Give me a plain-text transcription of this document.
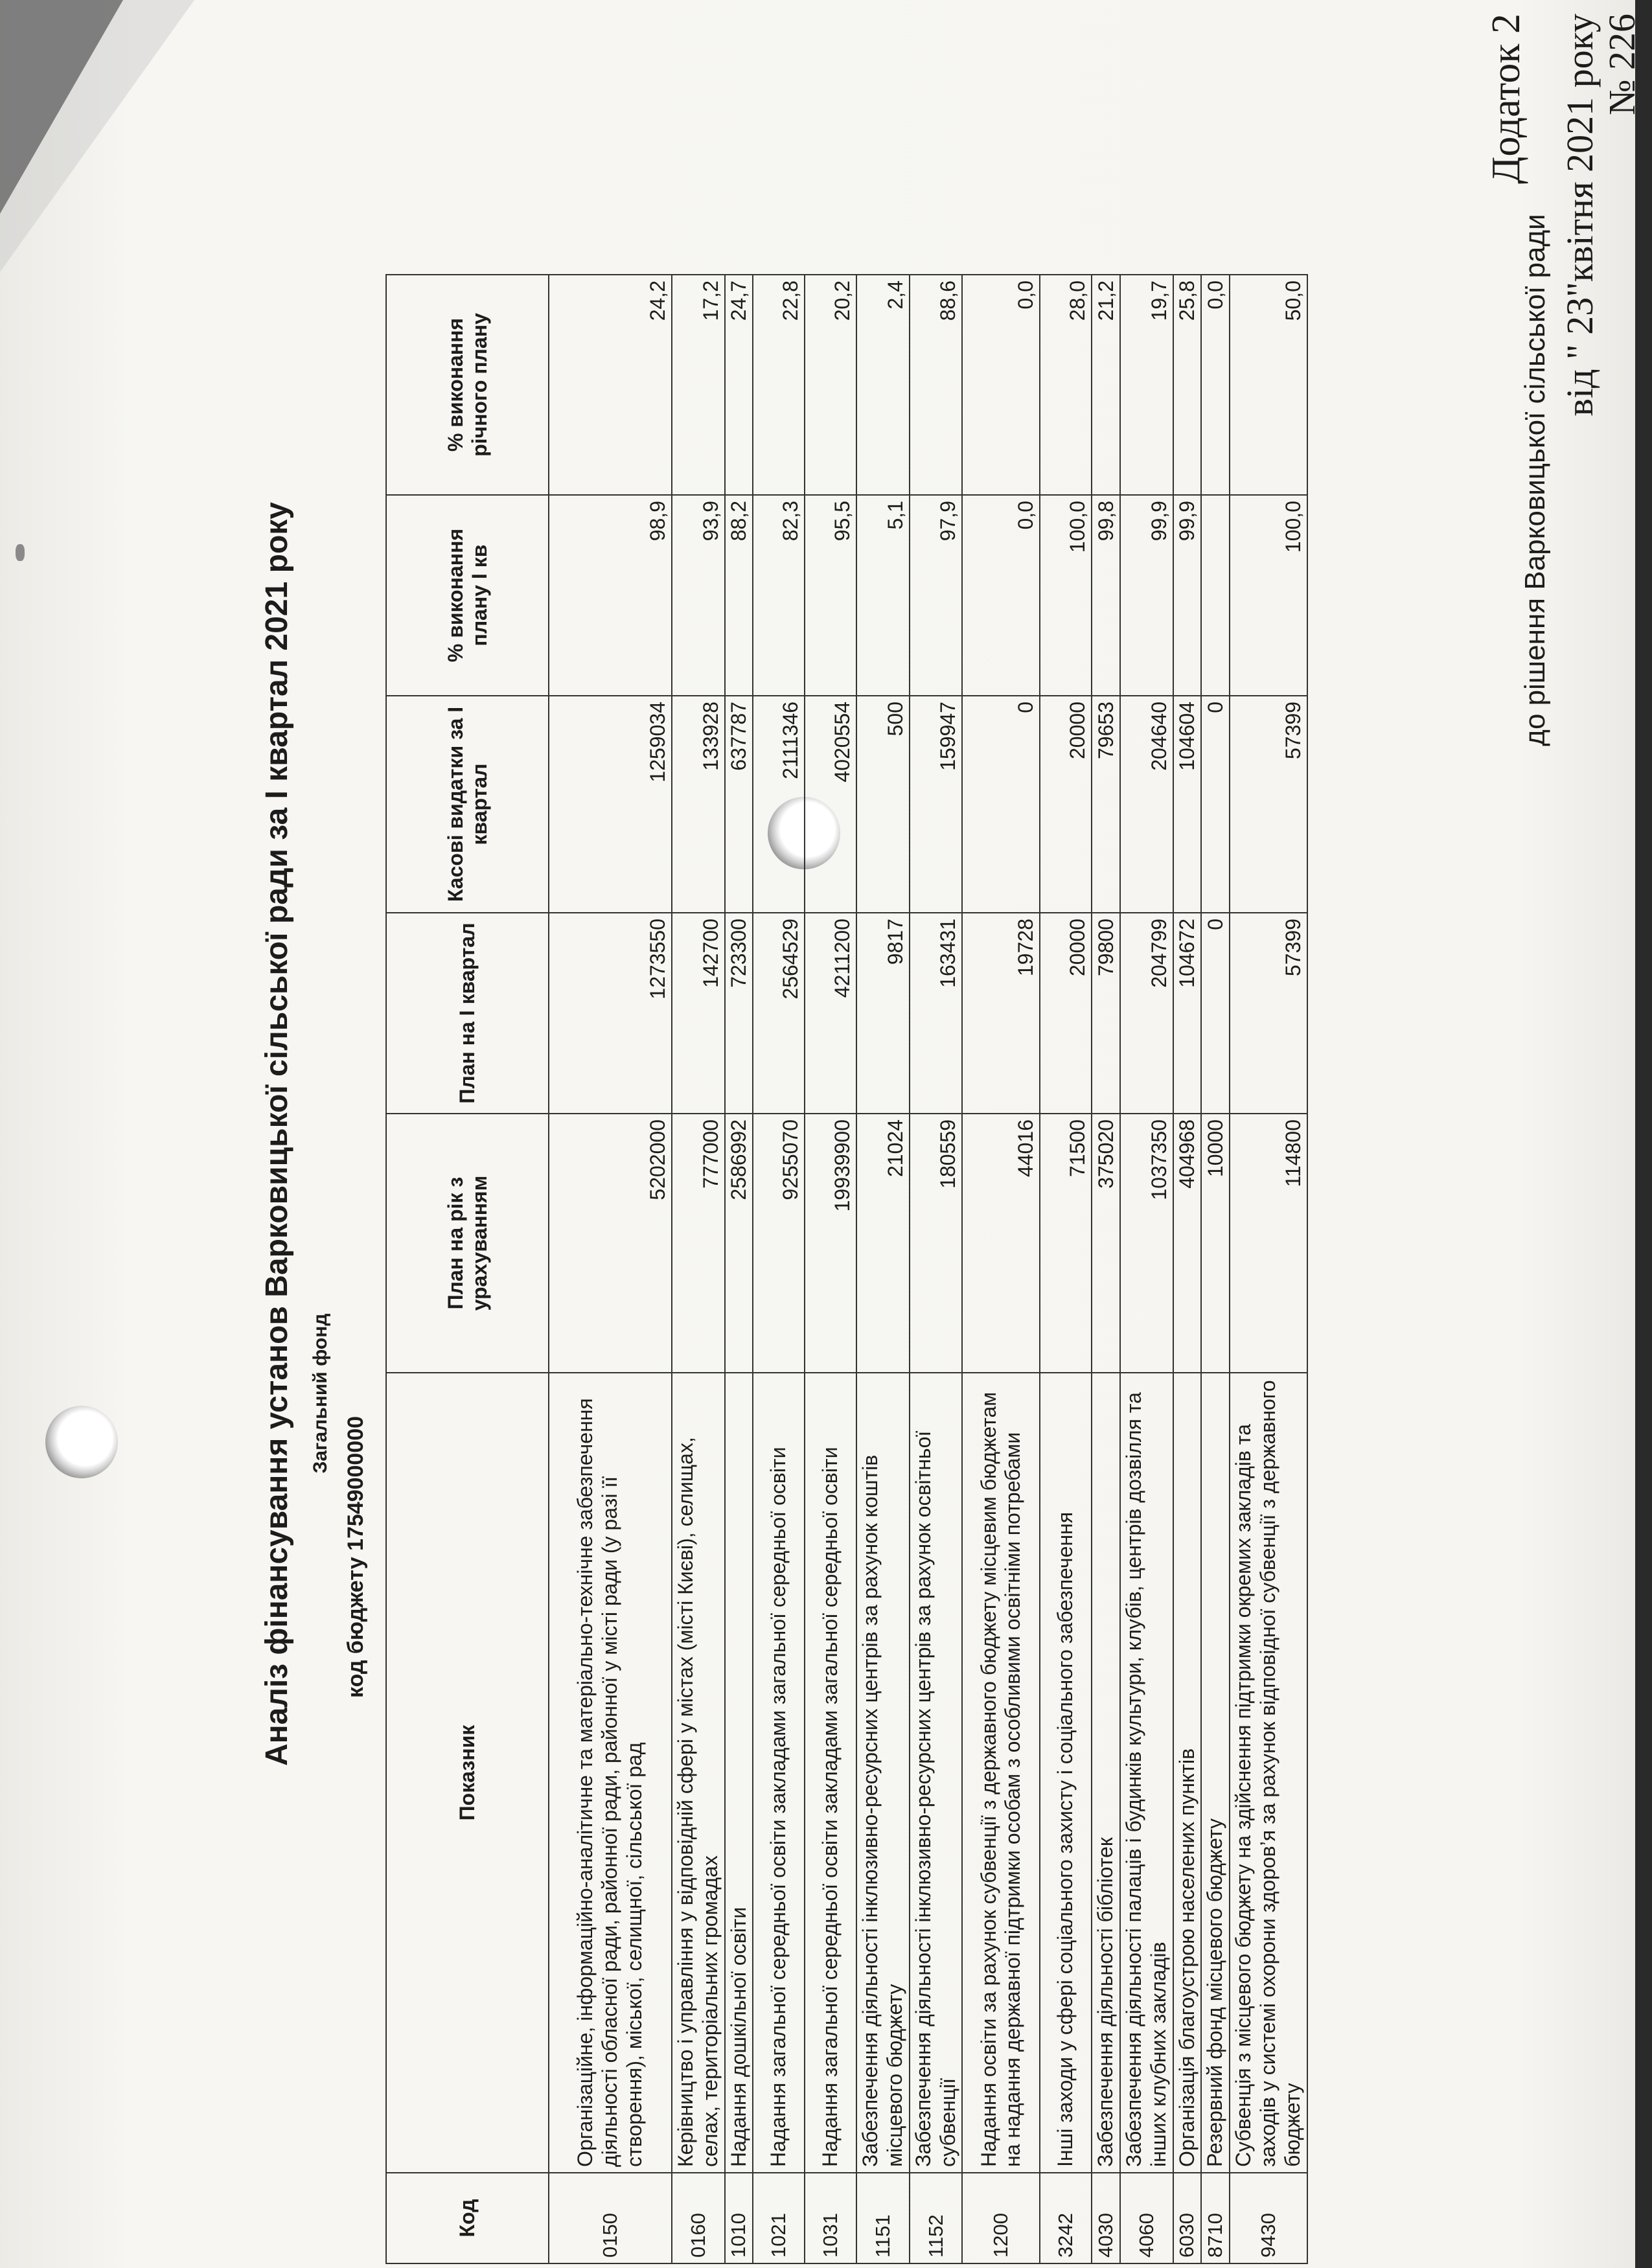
Додаток 2
до рішення Варковицької сільської ради від " 23"квітня 2021 року № 226
Аналіз фінансування установ Варковицької сільської ради за І квартал 2021 року Загальний фонд
код бюджету 17549000000
Код	Показник	План на рік з урахуванням	План на І квартал	Касові видатки за І квартал	% виконання плану І кв	% виконання річного плану
0150	Організаційне, інформаційно-аналітичне та матеріально-технічне забезпечення діяльності обласної ради, районної ради, районної у місті ради (у разі її створення), міської, селищної, сільської рад	5202000	1273550	1259034	98,9	24,2
0160	Керівництво і управління у відповідній сфері у містах (місті Києві), селищах, селах, територіальних громадах	777000	142700	133928	93,9	17,2
1010	Надання дошкільної освіти	2586992	723300	637787	88,2	24,7
1021	Надання загальної середньої освіти закладами загальної середньої освіти	9255070	2564529	2111346	82,3	22,8
1031	Надання загальної середньої освіти закладами загальної середньої освіти	19939900	4211200	4020554	95,5	20,2
1151	Забезпечення діяльності інклюзивно-ресурсних центрів за рахунок коштів місцевого бюджету	21024	9817	500	5,1	2,4
1152	Забезпечення діяльності інклюзивно-ресурсних центрів за рахунок освітньої субвенції	180559	163431	159947	97,9	88,6
1200	Надання освіти за рахунок субвенції з державного бюджету місцевим бюджетам на надання державної підтримки особам з особливими освітніми потребами	44016	19728	0	0,0	0,0
3242	Інші заходи у сфері соціального захисту і соціального забезпечення	71500	20000	20000	100,0	28,0
4030	Забезпечення діяльності бібліотек	375020	79800	79653	99,8	21,2
4060	Забезпечення діяльності палаців і будинків культури, клубів, центрів дозвілля та інших клубних закладів	1037350	204799	204640	99,9	19,7
6030	Організація благоустрою населених пунктів	404968	104672	104604	99,9	25,8
8710	Резервний фонд місцевого бюджету	10000	0	0		0,0
9430	Субвенція з місцевого бюджету на здійснення підтримки окремих закладів та заходів у системі охорони здоров’я за рахунок відповідної субвенції з державного бюджету	114800	57399	57399	100,0	50,0
